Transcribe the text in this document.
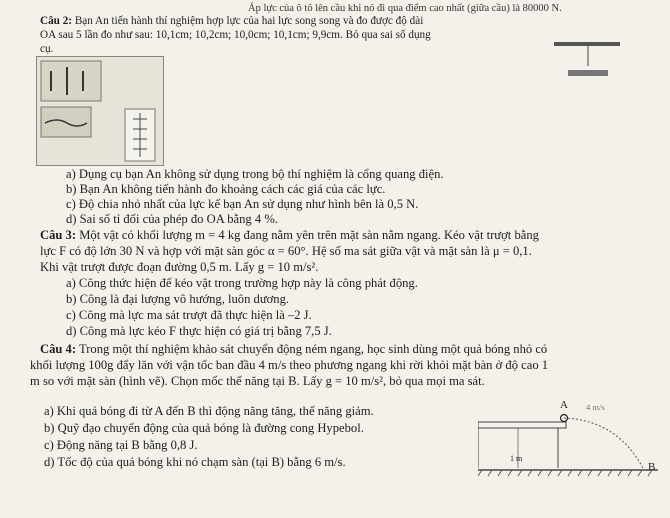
Áp lực của ô tô lên cầu khi nó đi qua điểm cao nhất (giữa cầu) là 80000 N.
Câu 2: Bạn An tiến hành thí nghiệm hợp lực của hai lực song song và đo được độ dài
OA sau 5 lần đo như sau: 10,1cm; 10,2cm; 10,0cm; 10,1cm; 9,9cm. Bỏ qua sai số dụng
cụ.
a) Dụng cụ bạn An không sử dụng trong bộ thí nghiệm là cổng quang điện.
b) Bạn An không tiến hành đo khoảng cách các giá của các lực.
c) Độ chia nhỏ nhất của lực kế bạn An sử dụng như hình bên là 0,5 N.
d) Sai số tỉ đối của phép đo OA bằng 4 %.
Câu 3: Một vật có khối lượng m = 4 kg đang nằm yên trên mặt sàn nằm ngang. Kéo vật trượt bằng
lực F có độ lớn 30 N và hợp với mặt sàn góc α = 60°. Hệ số ma sát giữa vật và mặt sàn là μ = 0,1.
Khi vật trượt được đoạn đường 0,5 m. Lấy g = 10 m/s².
a) Công thức hiện để kéo vật trong trường hợp này là công phát động.
b) Công là đại lượng vô hướng, luôn dương.
c) Công mà lực ma sát trượt đã thực hiện là –2 J.
d) Công mà lực kéo F thực hiện có giá trị bằng 7,5 J.
Câu 4: Trong một thí nghiệm khảo sát chuyển động ném ngang, học sinh dùng một quả bóng nhỏ có
khối lượng 100g đẩy lăn với vận tốc ban đầu 4 m/s theo phương ngang khi rời khỏi mặt bàn ở độ cao 1
m so với mặt sàn (hình vẽ). Chọn mốc thế năng tại B. Lấy g = 10 m/s², bỏ qua mọi ma sát.
a) Khi quả bóng đi từ A đến B thì động năng tăng, thế năng giảm.
b) Quỹ đạo chuyển động của quả bóng là đường cong Hypebol.
c) Động năng tại B bằng 0,8 J.
d) Tốc độ của quả bóng khi nó chạm sàn (tại B) bằng 6 m/s.
A 4 m/s
1 m
B
